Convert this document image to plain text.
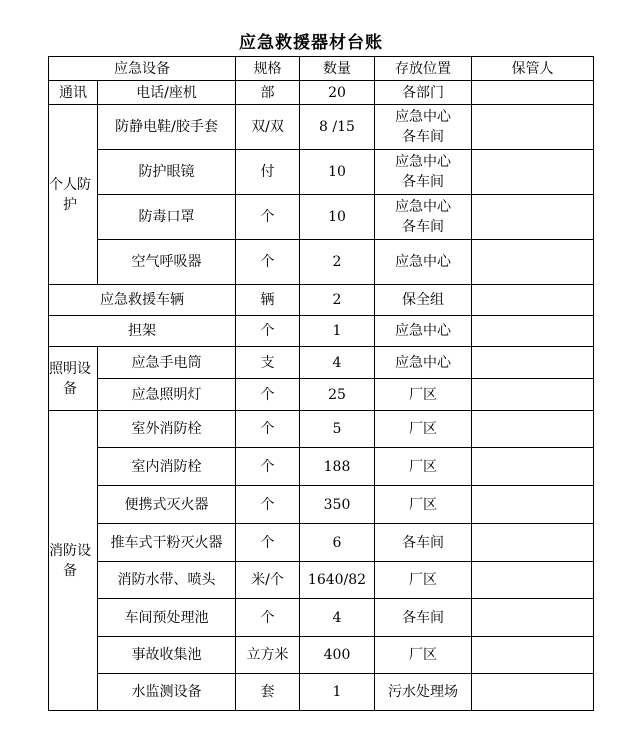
应急救援器材台账
应急设备		规格	数量	存放位置	保管人
通讯	电话/座机	部	20	各部门	
个人防护	防静电鞋/胶手套	双/双	8 /15	应急中心
各车间	
	防护眼镜	付	10	应急中心
各车间	
	防毒口罩	个	10	应急中心
各车间	
	空气呼吸器	个	2	应急中心	
应急救援车辆		辆	2	保全组	
担架		个	1	应急中心	
照明设备	应急手电筒	支	4	应急中心	
	应急照明灯	个	25	厂区	
消防设备	室外消防栓	个	5	厂区	
	室内消防栓	个	188	厂区	
	便携式灭火器	个	350	厂区	
	推车式干粉灭火器	个	6	各车间	
	消防水带、喷头	米/个	1640/82	厂区	
	车间预处理池	个	4	各车间	
	事故收集池	立方米	400	厂区	
	水监测设备	套	1	污水处理场	
